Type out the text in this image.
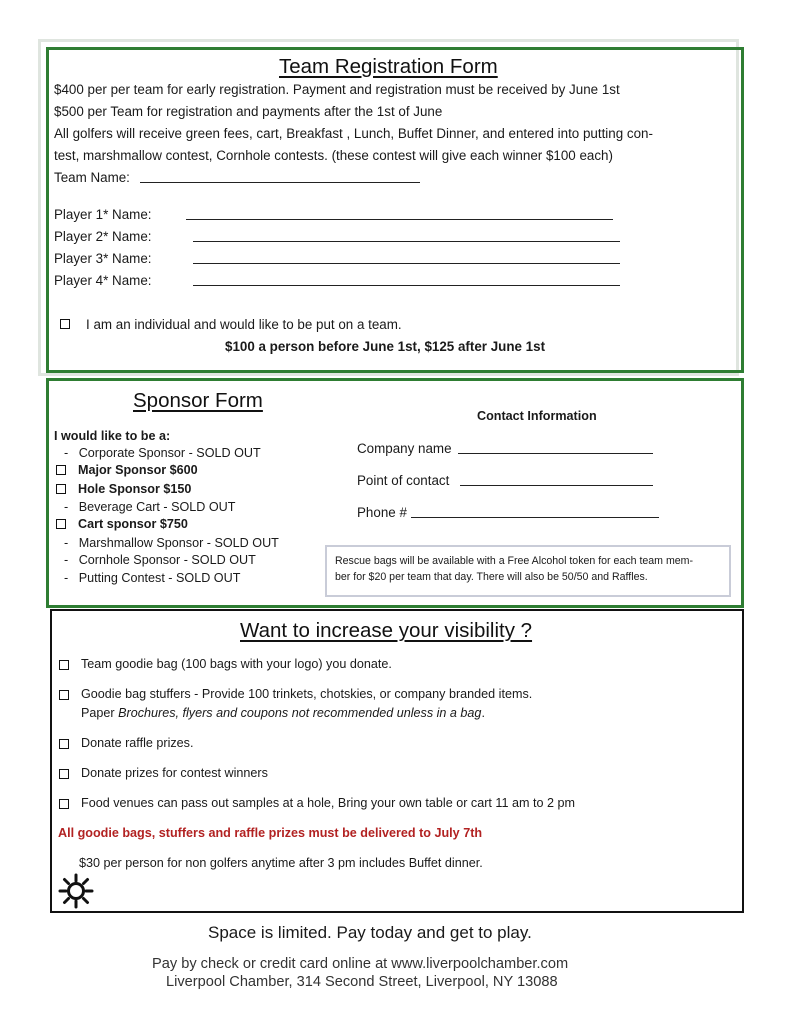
Team Registration Form
$400 per per team for early registration. Payment and registration must be received by June 1st
$500 per Team for registration and payments after the 1st of June
All golfers will receive green fees, cart, Breakfast , Lunch, Buffet Dinner, and entered into putting con-
test, marshmallow contest, Cornhole contests. (these contest will give each winner $100 each)
Team Name:
Player 1* Name:
Player 2* Name:
Player 3* Name:
Player 4* Name:
I am an individual and would like to be put on a team.
$100 a person before June 1st, $125 after June 1st
Sponsor Form
I would like to be a:
-   Corporate Sponsor - SOLD OUT
Major Sponsor $600
Hole Sponsor $150
-   Beverage Cart - SOLD OUT
Cart sponsor $750
-   Marshmallow Sponsor - SOLD OUT
-   Cornhole Sponsor - SOLD OUT
-   Putting Contest - SOLD OUT
Contact Information
Company name
Point of contact
Phone #
Rescue bags will be available with a Free Alcohol token for each team mem-
ber for $20 per team that day. There will also be 50/50 and Raffles.
Want to increase your visibility ?
Team goodie bag (100 bags with your logo) you donate.
Goodie bag stuffers - Provide 100 trinkets, chotskies, or company branded items.
Paper Brochures, flyers and coupons not recommended unless in a bag.
Donate raffle prizes.
Donate prizes for contest winners
Food venues can pass out samples at a hole, Bring your own table or cart 11 am to 2 pm
All goodie bags, stuffers and raffle prizes must be delivered to July 7th
$30 per person for non golfers anytime after 3 pm includes Buffet dinner.
Space is limited. Pay today and get to play.
Pay by check or credit card online at www.liverpoolchamber.com
Liverpool Chamber, 314 Second Street, Liverpool, NY 13088
